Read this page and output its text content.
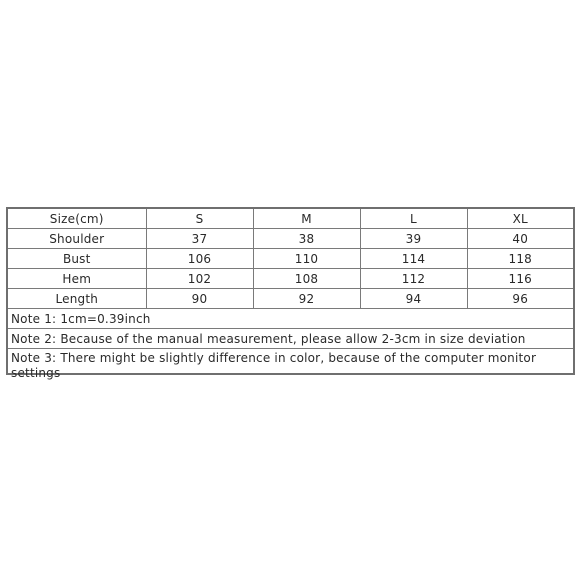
Size(cm)	S	M	L	XL
Shoulder	37	38	39	40
Bust	106	110	114	118
Hem	102	108	112	116
Length	90	92	94	96
Note 1: 1cm=0.39inch				
Note 2: Because of the manual measurement, please allow 2-3cm in size deviation				

Note 3: There might be slightly difference in color, because of the computer monitor settings				
